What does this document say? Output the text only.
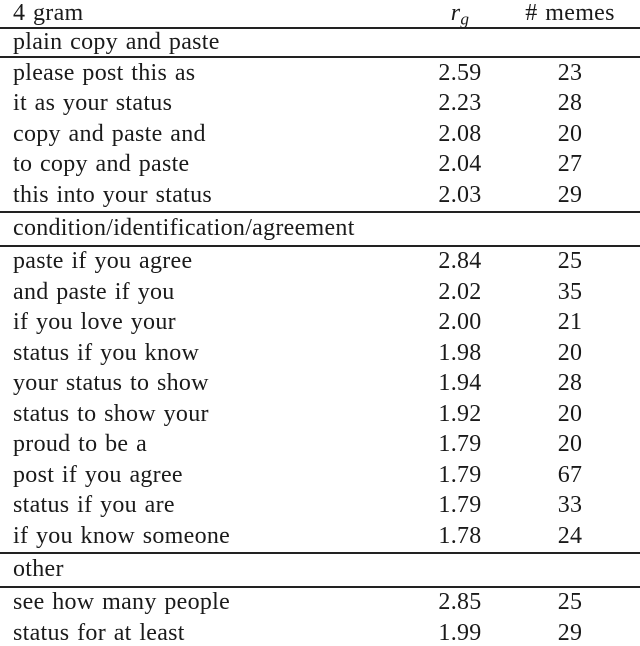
4 gram	$r_g$	# memes
plain copy and paste
please post this as	2.59	23
it as your status	2.23	28
copy and paste and	2.08	20
to copy and paste	2.04	27
this into your status	2.03	29
condition/identification/agreement
paste if you agree	2.84	25
and paste if you	2.02	35
if you love your	2.00	21
status if you know	1.98	20
your status to show	1.94	28
status to show your	1.92	20
proud to be a	1.79	20
post if you agree	1.79	67
status if you are	1.79	33
if you know someone	1.78	24
other
see how many people	2.85	25
status for at least	1.99	29
